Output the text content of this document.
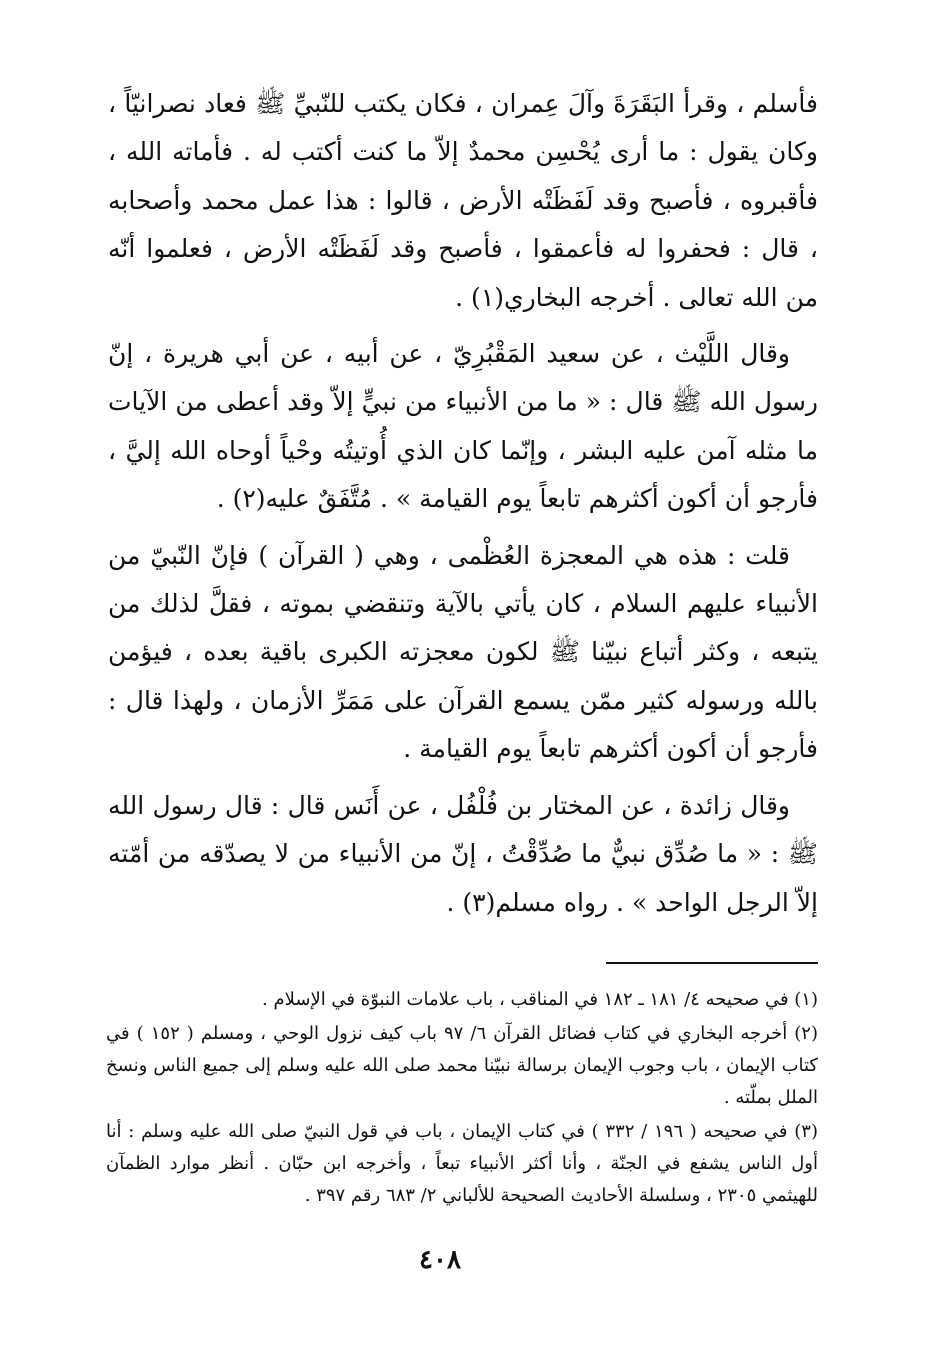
فأسلم ، وقرأ البَقَرَةَ وآلَ عِمران ، فكان يكتب للنّبيِّ ﷺ فعاد نصرانيّاً ، وكان يقول : ما أرى يُحْسِن محمدٌ إلاّ ما كنت أكتب له . فأماته الله ، فأقبروه ، فأصبح وقد لَفَظَتْه الأرض ، قالوا : هذا عمل محمد وأصحابه ، قال : فحفروا له فأعمقوا ، فأصبح وقد لَفَظَتْه الأرض ، فعلموا أنّه من الله تعالى . أخرجه البخاري(١) .

وقال اللَّيْث ، عن سعيد المَقْبُرِيّ ، عن أبيه ، عن أبي هريرة ، إنّ رسول الله ﷺ قال : « ما من الأنبياء من نبيٍّ إلاّ وقد أعطى من الآيات ما مثله آمن عليه البشر ، وإنّما كان الذي أُوتيتُه وحْياً أوحاه الله إليَّ ، فأرجو أن أكون أكثرهم تابعاً يوم القيامة » . مُتَّفَقٌ عليه(٢) .

قلت : هذه هي المعجزة العُظْمى ، وهي ( القرآن ) فإنّ النّبيّ من الأنبياء عليهم السلام ، كان يأتي بالآية وتنقضي بموته ، فقلَّ لذلك من يتبعه ، وكثر أتباع نبيّنا ﷺ لكون معجزته الكبرى باقية بعده ، فيؤمن بالله ورسوله كثير ممّن يسمع القرآن على مَمَرِّ الأزمان ، ولهذا قال : فأرجو أن أكون أكثرهم تابعاً يوم القيامة .

وقال زائدة ، عن المختار بن فُلْفُل ، عن أَنَس قال : قال رسول الله ﷺ : « ما صُدِّق نبيٌّ ما صُدِّقْتُ ، إنّ من الأنبياء من لا يصدّقه من أمّته إلاّ الرجل الواحد » . رواه مسلم(٣) .

(١) في صحيحه ٤/ ١٨١ ـ ١٨٢ في المناقب ، باب علامات النبوّة في الإسلام .

(٢) أخرجه البخاري في كتاب فضائل القرآن ٦/ ٩٧ باب كيف نزول الوحي ، ومسلم ( ١٥٢ ) في كتاب الإيمان ، باب وجوب الإيمان برسالة نبيّنا محمد صلى الله عليه وسلم إلى جميع الناس ونسخ الملل بملّته .

(٣) في صحيحه ( ١٩٦ / ٣٣٢ ) في كتاب الإيمان ، باب في قول النبيّ صلى الله عليه وسلم : أنا أول الناس يشفع في الجنّة ، وأنا أكثر الأنبياء تبعاً ، وأخرجه ابن حبّان . أنظر موارد الظمآن للهيثمي ٢٣٠٥ ، وسلسلة الأحاديث الصحيحة للألباني ٢/ ٦٨٣ رقم ٣٩٧ .

٤٠٨
